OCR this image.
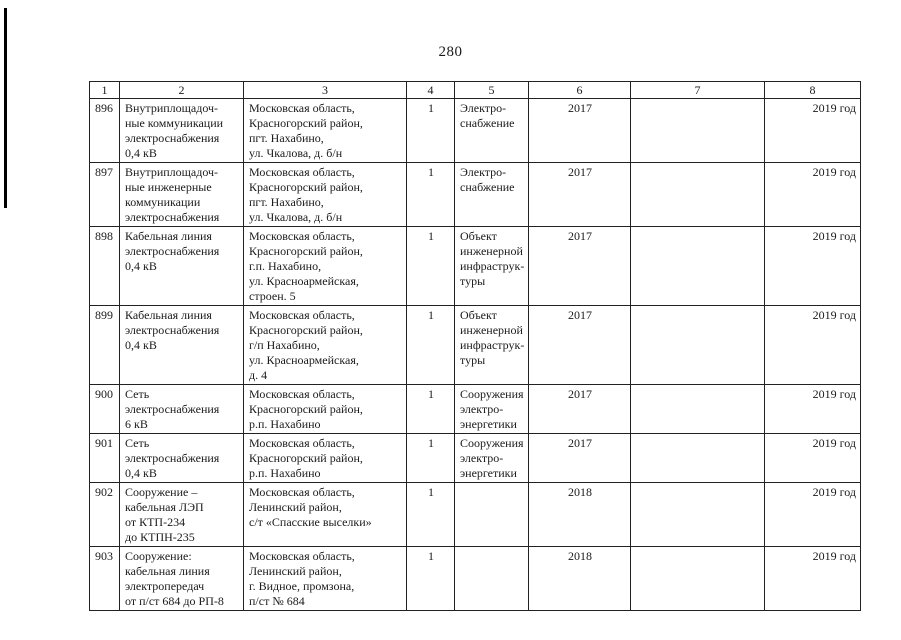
280
1	2	3	4	5	6	7	8
896	Внутриплощадоч-
ные коммуникации
электроснабжения
0,4 кВ	Московская область,
Красногорский район,
пгт. Нахабино,
ул. Чкалова, д. б/н	1	Электро-
снабжение	2017		2019 год
897	Внутриплощадоч-
ные инженерные
коммуникации
электроснабжения	Московская область,
Красногорский район,
пгт. Нахабино,
ул. Чкалова, д. б/н	1	Электро-
снабжение	2017		2019 год
898	Кабельная линия
электроснабжения
0,4 кВ	Московская область,
Красногорский район,
г.п. Нахабино,
ул. Красноармейская,
строен. 5	1	Объект
инженерной
инфраструк-
туры	2017		2019 год
899	Кабельная линия
электроснабжения
0,4 кВ	Московская область,
Красногорский район,
г/п Нахабино,
ул. Красноармейская,
д. 4	1	Объект
инженерной
инфраструк-
туры	2017		2019 год
900	Сеть
электроснабжения
6 кВ	Московская область,
Красногорский район,
р.п. Нахабино	1	Сооружения
электро-
энергетики	2017		2019 год
901	Сеть
электроснабжения
0,4 кВ	Московская область,
Красногорский район,
р.п. Нахабино	1	Сооружения
электро-
энергетики	2017		2019 год
902	Сооружение –
кабельная ЛЭП
от КТП-234
до КТПН-235	Московская область,
Ленинский район,
с/т «Спасские выселки»	1		2018		2019 год
903	Сооружение:
кабельная линия
электропередач
от п/ст 684 до РП-8	Московская область,
Ленинский район,
г. Видное, промзона,
п/ст № 684	1		2018		2019 год
